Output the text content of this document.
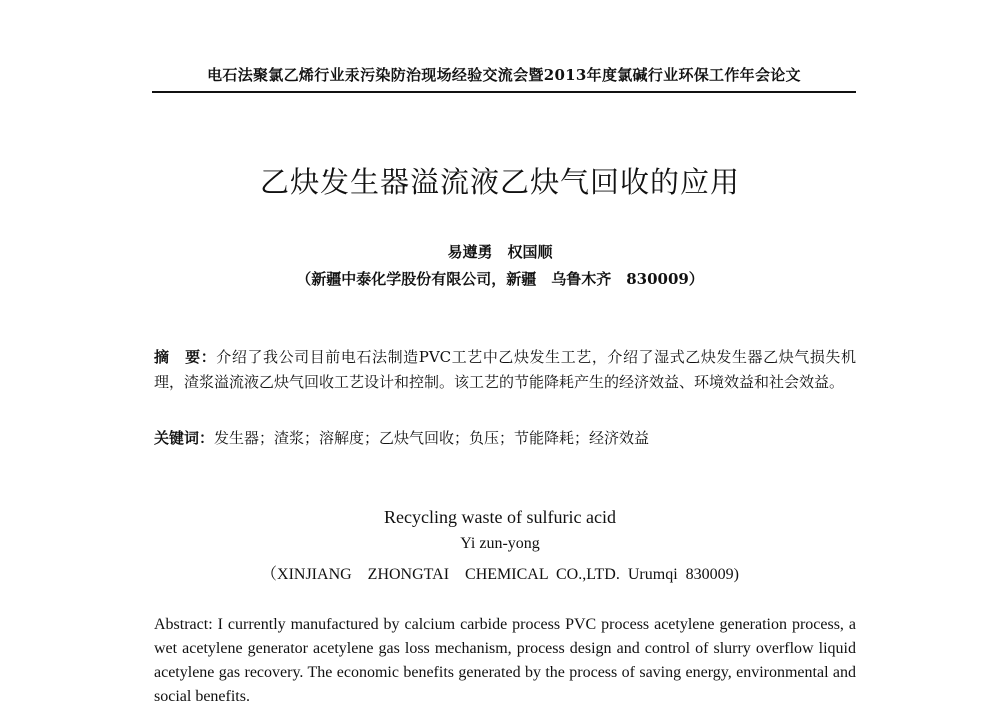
电石法聚氯乙烯行业汞污染防治现场经验交流会暨2013年度氯碱行业环保工作年会论文
乙炔发生器溢流液乙炔气回收的应用
易遵勇　权国顺
（新疆中泰化学股份有限公司，新疆　乌鲁木齐　830009）
摘　要：介绍了我公司目前电石法制造PVC工艺中乙炔发生工艺，介绍了湿式乙炔发生器乙炔气损失机理，渣浆溢流液乙炔气回收工艺设计和控制。该工艺的节能降耗产生的经济效益、环境效益和社会效益。
关键词：发生器；渣浆；溶解度；乙炔气回收；负压；节能降耗；经济效益
Recycling waste of sulfuric acid
Yi zun-yong
（XINJIANG　ZHONGTAI　CHEMICAL CO.,LTD. Urumqi 830009)
Abstract: I currently manufactured by calcium carbide process PVC process acetylene generation process, a wet acetylene generator acetylene gas loss mechanism, process design and control of slurry overflow liquid acetylene gas recovery. The economic benefits generated by the process of saving energy, environmental and social benefits.
